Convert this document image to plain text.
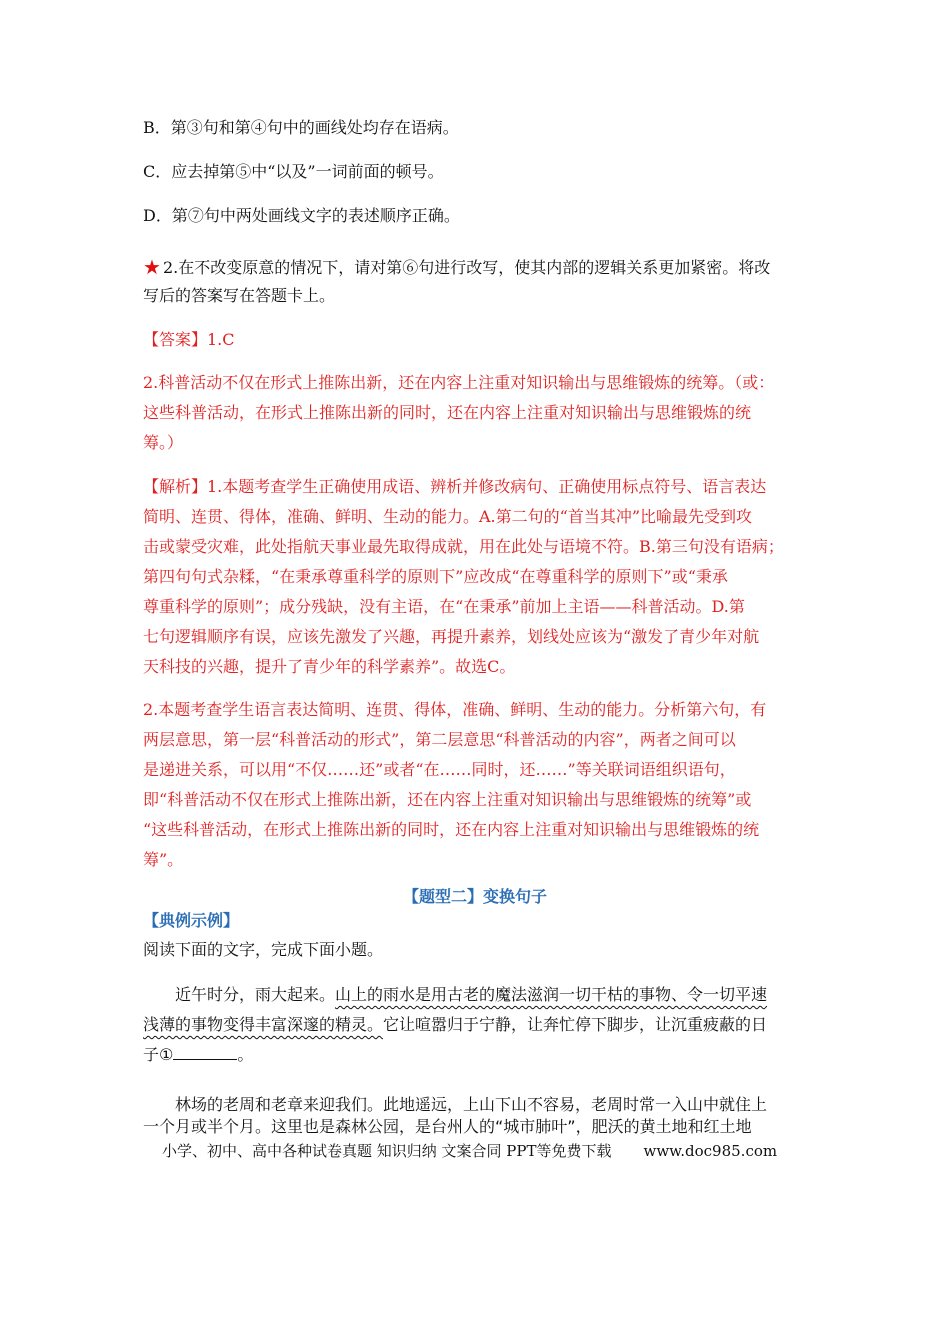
B．第③句和第④句中的画线处均存在语病。
C．应去掉第⑤中“以及”一词前面的顿号。
D．第⑦句中两处画线文字的表述顺序正确。
★ 2.在不改变原意的情况下，请对第⑥句进行改写，使其内部的逻辑关系更加紧密。将改
写后的答案写在答题卡上。
【答案】1.C
2.科普活动不仅在形式上推陈出新，还在内容上注重对知识输出与思维锻炼的统筹。（或：
这些科普活动，在形式上推陈出新的同时，还在内容上注重对知识输出与思维锻炼的统
筹。）
【解析】1.本题考查学生正确使用成语、辨析并修改病句、正确使用标点符号、语言表达
简明、连贯、得体，准确、鲜明、生动的能力。A.第二句的“首当其冲”比喻最先受到攻
击或蒙受灾难，此处指航天事业最先取得成就，用在此处与语境不符。B.第三句没有语病；
第四句句式杂糅，“在秉承尊重科学的原则下”应改成“在尊重科学的原则下”或“秉承
尊重科学的原则”；成分残缺，没有主语，在“在秉承”前加上主语——科普活动。D.第
七句逻辑顺序有误，应该先激发了兴趣，再提升素养，划线处应该为“激发了青少年对航
天科技的兴趣，提升了青少年的科学素养”。故选C。
2.本题考查学生语言表达简明、连贯、得体，准确、鲜明、生动的能力。分析第六句，有
两层意思，第一层“科普活动的形式”，第二层意思“科普活动的内容”，两者之间可以
是递进关系，可以用“不仅……还”或者“在……同时，还……”等关联词语组织语句，
即“科普活动不仅在形式上推陈出新，还在内容上注重对知识输出与思维锻炼的统筹”或
“这些科普活动，在形式上推陈出新的同时，还在内容上注重对知识输出与思维锻炼的统
筹”。
【题型二】变换句子
【典例示例】
阅读下面的文字，完成下面小题。
近午时分，雨大起来。山上的雨水是用古老的魔法滋润一切干枯的事物、令一切平速
浅薄的事物变得丰富深邃的精灵。它让喧嚣归于宁静，让奔忙停下脚步，让沉重疲蔽的日
子①	。
林场的老周和老章来迎我们。此地遥远，上山下山不容易，老周时常一入山中就住上
一个月或半个月。这里也是森林公园，是台州人的“城市肺叶”，肥沃的黄土地和红土地
小学、初中、高中各种试卷真题 知识归纳 文案合同 PPT等免费下载 www.doc985.com
